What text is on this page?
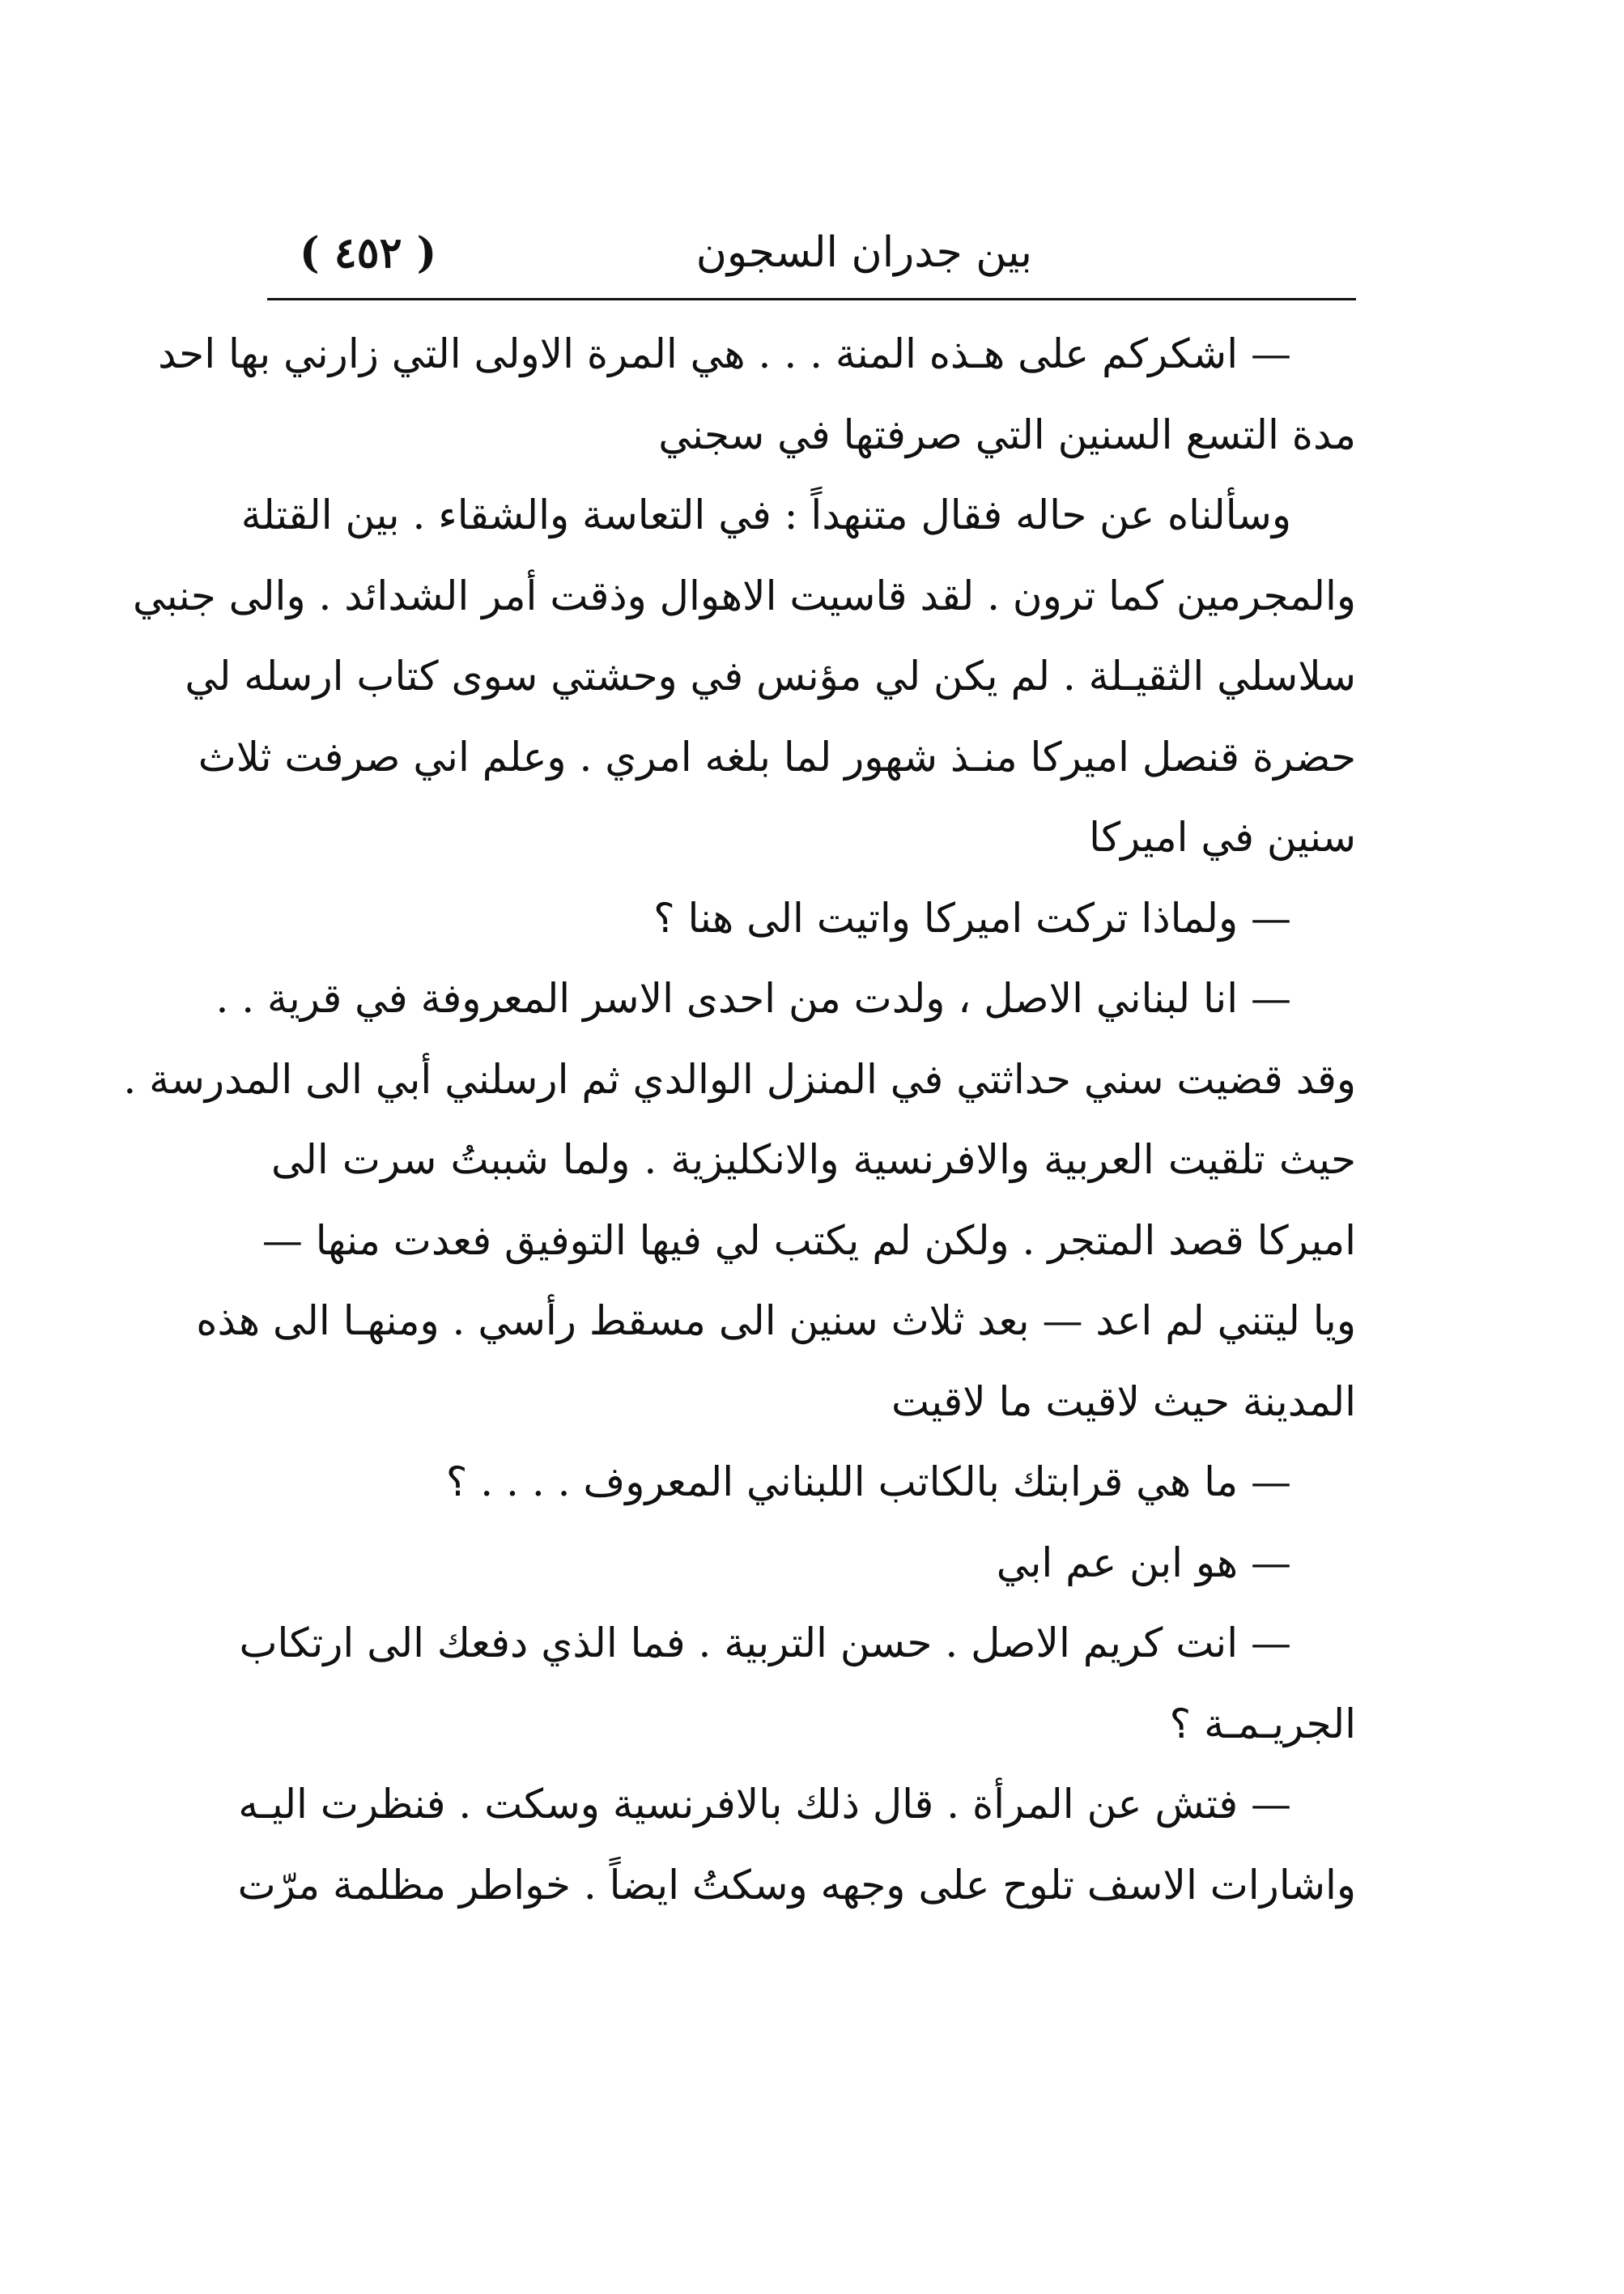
بين جدران السجون
( ٤٥٢ )
— اشكركم على هـذه المنة . . . هي المرة الاولى التي زارني بها احد
مدة التسع السنين التي صرفتها في سجني
وسألناه عن حاله فقال متنهداً : في التعاسة والشقاء . بين القتلة
والمجرمين كما ترون . لقد قاسيت الاهوال وذقت أمر الشدائد . والى جنبي
سلاسلي الثقيـلة . لم يكن لي مؤنس في وحشتي سوى كتاب ارسله لي
حضرة قنصل اميركا منـذ شهور لما بلغه امري . وعلم اني صرفت ثلاث
سنين في اميركا
— ولماذا تركت اميركا واتيت الى هنا ؟
— انا لبناني الاصل ، ولدت من احدى الاسر المعروفة في قرية . .
وقد قضيت سني حداثتي في المنزل الوالدي ثم ارسلني أبي الى المدرسة .
حيث تلقيت العربية والافرنسية والانكليزية . ولما شببتُ سرت الى
اميركا قصد المتجر . ولكن لم يكتب لي فيها التوفيق فعدت منها —
ويا ليتني لم اعد — بعد ثلاث سنين الى مسقط رأسي . ومنهـا الى هذه
المدينة حيث لاقيت ما لاقيت
— ما هي قرابتك بالكاتب اللبناني المعروف . . . . ؟
— هو ابن عم ابي
— انت كريم الاصل . حسن التربية . فما الذي دفعك الى ارتكاب
الجريـمـة ؟
— فتش عن المرأة . قال ذلك بالافرنسية وسكت . فنظرت اليـه
واشارات الاسف تلوح على وجهه وسكتُ ايضاً . خواطر مظلمة مرّت
